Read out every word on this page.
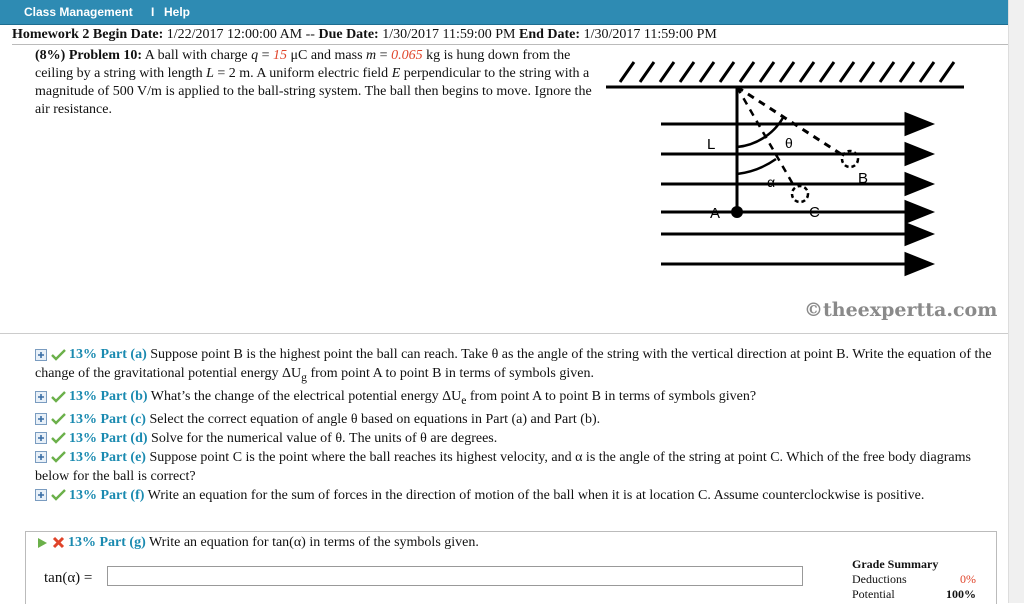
Class Management I Help
Homework 2 Begin Date: 1/22/2017 12:00:00 AM -- Due Date: 1/30/2017 11:59:00 PM End Date: 1/30/2017 11:59:00 PM
(8%) Problem 10: A ball with charge q = 15 μC and mass m = 0.065 kg is hung down from the ceiling by a string with length L = 2 m. A uniform electric field E perpendicular to the string with a magnitude of 500 V/m is applied to the ball-string system. The ball then begins to move. Ignore the air resistance.
L	θ
α
A
B
C
©theexpertta.com
13% Part (a) Suppose point B is the highest point the ball can reach. Take θ as the angle of the string with the vertical direction at point B. Write the equation of the change of the gravitational potential energy $\Delta U_g$ from point A to point B in terms of symbols given.
13% Part (b) What’s the change of the electrical potential energy $\Delta U_e$ from point A to point B in terms of symbols given?
13% Part (c) Select the correct equation of angle θ based on equations in Part (a) and Part (b).
13% Part (d) Solve for the numerical value of θ. The units of θ are degrees.
13% Part (e) Suppose point C is the point where the ball reaches its highest velocity, and α is the angle of the string at point C. Which of the free body diagrams below for the ball is correct?
13% Part (f) Write an equation for the sum of forces in the direction of motion of the ball when it is at location C. Assume counterclockwise is positive.
13% Part (g) Write an equation for tan(α) in terms of the symbols given.
tan(α) =
Grade Summary
Deductions	0%
Potential	100%
